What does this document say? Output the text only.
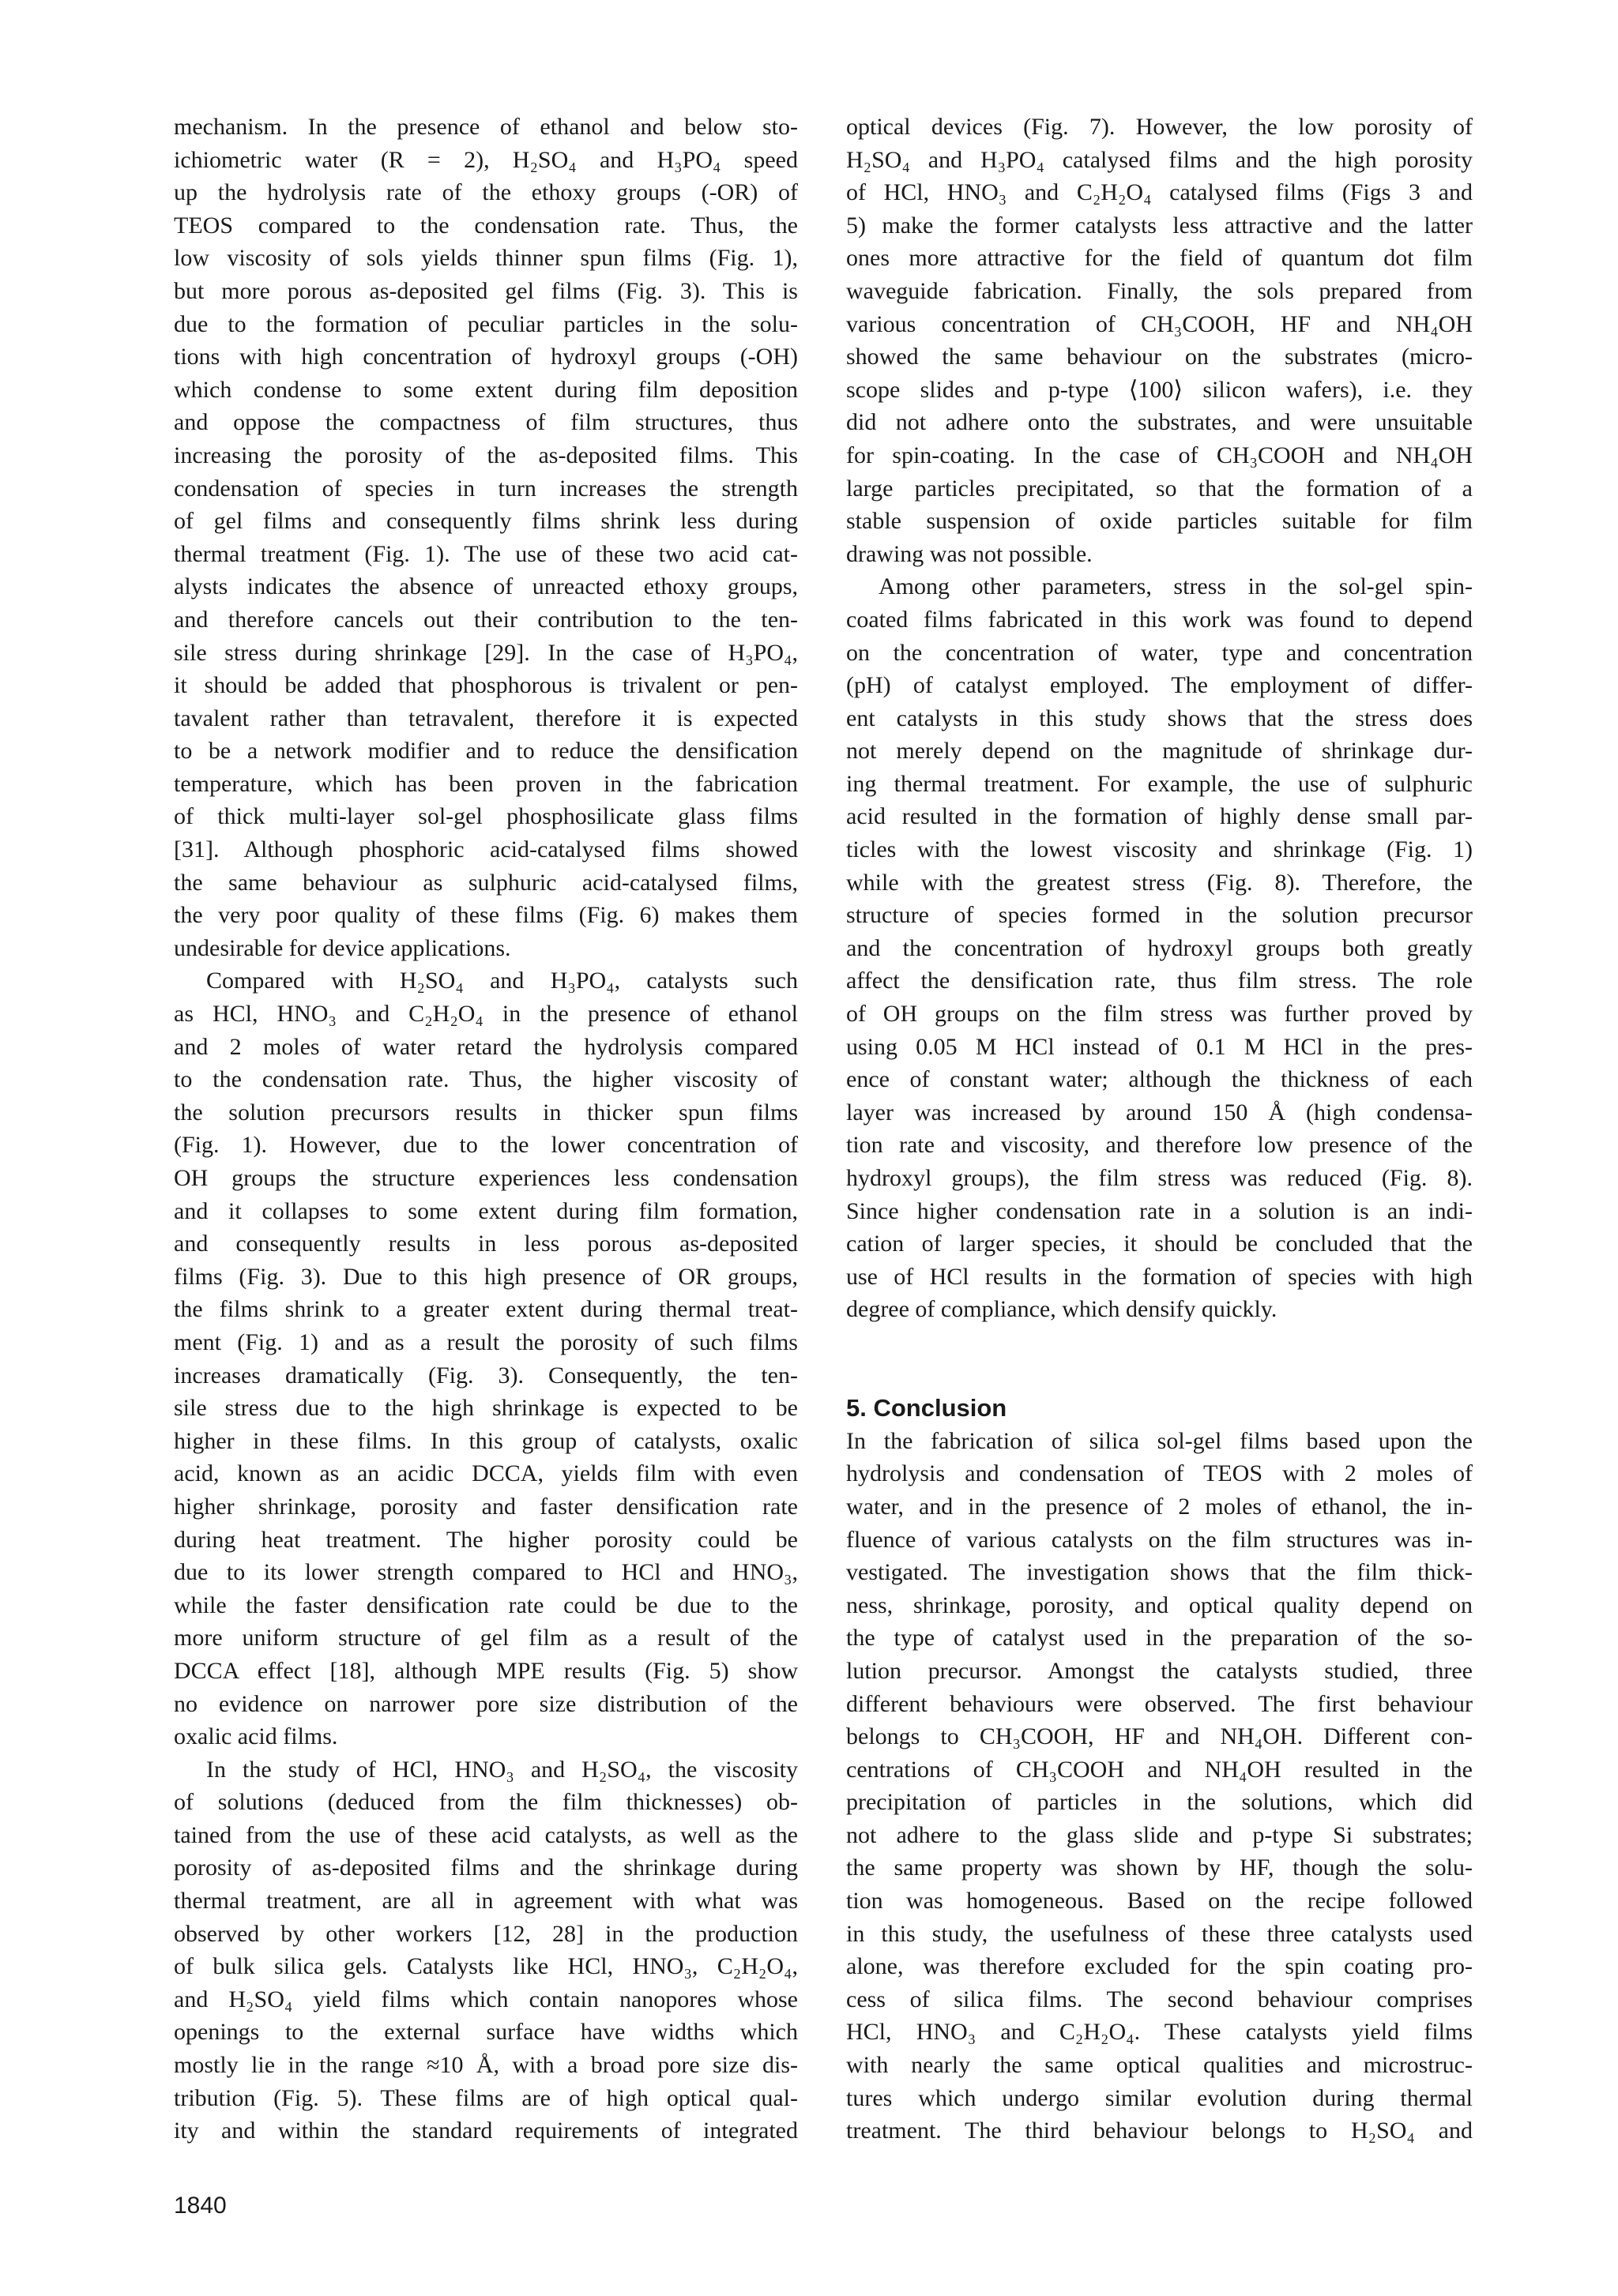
mechanism. In the presence of ethanol and below sto-
ichiometric water (R = 2), H₂SO₄ and H₃PO₄ speed
up the hydrolysis rate of the ethoxy groups (-OR) of
TEOS compared to the condensation rate. Thus, the
low viscosity of sols yields thinner spun films (Fig. 1),
but more porous as-deposited gel films (Fig. 3). This is
due to the formation of peculiar particles in the solu-
tions with high concentration of hydroxyl groups (-OH)
which condense to some extent during film deposition
and oppose the compactness of film structures, thus
increasing the porosity of the as-deposited films. This
condensation of species in turn increases the strength
of gel films and consequently films shrink less during
thermal treatment (Fig. 1). The use of these two acid cat-
alysts indicates the absence of unreacted ethoxy groups,
and therefore cancels out their contribution to the ten-
sile stress during shrinkage [29]. In the case of H₃PO₄,
it should be added that phosphorous is trivalent or pen-
tavalent rather than tetravalent, therefore it is expected
to be a network modifier and to reduce the densification
temperature, which has been proven in the fabrication
of thick multi-layer sol-gel phosphosilicate glass films
[31]. Although phosphoric acid-catalysed films showed
the same behaviour as sulphuric acid-catalysed films,
the very poor quality of these films (Fig. 6) makes them
undesirable for device applications.
Compared with H₂SO₄ and H₃PO₄, catalysts such
as HCl, HNO₃ and C₂H₂O₄ in the presence of ethanol
and 2 moles of water retard the hydrolysis compared
to the condensation rate. Thus, the higher viscosity of
the solution precursors results in thicker spun films
(Fig. 1). However, due to the lower concentration of
OH groups the structure experiences less condensation
and it collapses to some extent during film formation,
and consequently results in less porous as-deposited
films (Fig. 3). Due to this high presence of OR groups,
the films shrink to a greater extent during thermal treat-
ment (Fig. 1) and as a result the porosity of such films
increases dramatically (Fig. 3). Consequently, the ten-
sile stress due to the high shrinkage is expected to be
higher in these films. In this group of catalysts, oxalic
acid, known as an acidic DCCA, yields film with even
higher shrinkage, porosity and faster densification rate
during heat treatment. The higher porosity could be
due to its lower strength compared to HCl and HNO₃,
while the faster densification rate could be due to the
more uniform structure of gel film as a result of the
DCCA effect [18], although MPE results (Fig. 5) show
no evidence on narrower pore size distribution of the
oxalic acid films.
In the study of HCl, HNO₃ and H₂SO₄, the viscosity
of solutions (deduced from the film thicknesses) ob-
tained from the use of these acid catalysts, as well as the
porosity of as-deposited films and the shrinkage during
thermal treatment, are all in agreement with what was
observed by other workers [12, 28] in the production
of bulk silica gels. Catalysts like HCl, HNO₃, C₂H₂O₄,
and H₂SO₄ yield films which contain nanopores whose
openings to the external surface have widths which
mostly lie in the range ≈10 Å, with a broad pore size dis-
tribution (Fig. 5). These films are of high optical qual-
ity and within the standard requirements of integrated
optical devices (Fig. 7). However, the low porosity of
H₂SO₄ and H₃PO₄ catalysed films and the high porosity
of HCl, HNO₃ and C₂H₂O₄ catalysed films (Figs 3 and
5) make the former catalysts less attractive and the latter
ones more attractive for the field of quantum dot film
waveguide fabrication. Finally, the sols prepared from
various concentration of CH₃COOH, HF and NH₄OH
showed the same behaviour on the substrates (micro-
scope slides and p-type ⟨100⟩ silicon wafers), i.e. they
did not adhere onto the substrates, and were unsuitable
for spin-coating. In the case of CH₃COOH and NH₄OH
large particles precipitated, so that the formation of a
stable suspension of oxide particles suitable for film
drawing was not possible.
Among other parameters, stress in the sol-gel spin-
coated films fabricated in this work was found to depend
on the concentration of water, type and concentration
(pH) of catalyst employed. The employment of differ-
ent catalysts in this study shows that the stress does
not merely depend on the magnitude of shrinkage dur-
ing thermal treatment. For example, the use of sulphuric
acid resulted in the formation of highly dense small par-
ticles with the lowest viscosity and shrinkage (Fig. 1)
while with the greatest stress (Fig. 8). Therefore, the
structure of species formed in the solution precursor
and the concentration of hydroxyl groups both greatly
affect the densification rate, thus film stress. The role
of OH groups on the film stress was further proved by
using 0.05 M HCl instead of 0.1 M HCl in the pres-
ence of constant water; although the thickness of each
layer was increased by around 150 Å (high condensa-
tion rate and viscosity, and therefore low presence of the
hydroxyl groups), the film stress was reduced (Fig. 8).
Since higher condensation rate in a solution is an indi-
cation of larger species, it should be concluded that the
use of HCl results in the formation of species with high
degree of compliance, which densify quickly.
5. Conclusion
In the fabrication of silica sol-gel films based upon the
hydrolysis and condensation of TEOS with 2 moles of
water, and in the presence of 2 moles of ethanol, the in-
fluence of various catalysts on the film structures was in-
vestigated. The investigation shows that the film thick-
ness, shrinkage, porosity, and optical quality depend on
the type of catalyst used in the preparation of the so-
lution precursor. Amongst the catalysts studied, three
different behaviours were observed. The first behaviour
belongs to CH₃COOH, HF and NH₄OH. Different con-
centrations of CH₃COOH and NH₄OH resulted in the
precipitation of particles in the solutions, which did
not adhere to the glass slide and p-type Si substrates;
the same property was shown by HF, though the solu-
tion was homogeneous. Based on the recipe followed
in this study, the usefulness of these three catalysts used
alone, was therefore excluded for the spin coating pro-
cess of silica films. The second behaviour comprises
HCl, HNO₃ and C₂H₂O₄. These catalysts yield films
with nearly the same optical qualities and microstruc-
tures which undergo similar evolution during thermal
treatment. The third behaviour belongs to H₂SO₄ and
1840
